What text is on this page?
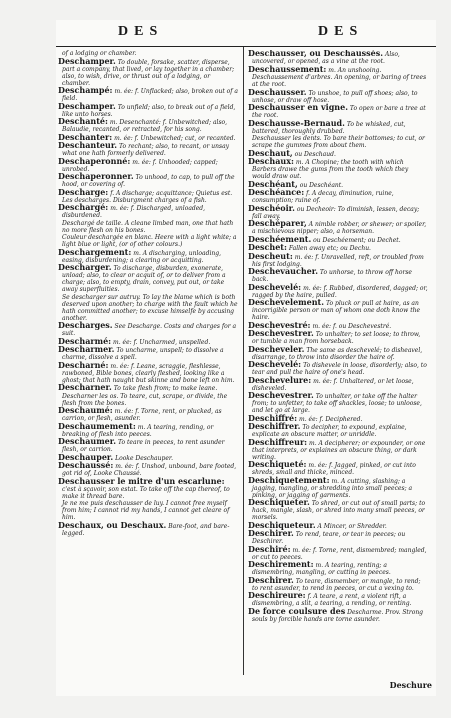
DES	DES

of a lodging or chamber.

Deschamper. To double, forsake, scatter, disperse, part a company, that lived, or lay together in a chamber; also, to wish, drive, or thrust out of a lodging, or chamber.

Deschampé: m. ée: f. Unflacked; also, broken out of a field.

Deschamper. To unfield; also, to break out of a field, like unto horses.

Deschanté: m. Desenchanté: f. Unbewitched; also, Balaudie, recanted, or retracted, for his song.

Deschanter: m. ée: f. Unbewitched; cut, or recanted.

Deschanteur. To rechant; also, to recant, or unsay what one hath formerly delivered.

Deschaperonné: m. ée: f. Unhooded; capped; unrobed.

Deschaperonner. To unhood, to cap, to pull off the hood, or covering of.

Descharge: f. A discharge; acquittance; Quietus est. Les descharges. Disburgment charges of a fish.

Deschargé: m. ée: f. Discharged, unloaded, disburdened.

Deschargé de taille. A cleane limbed man, one that hath no more flesh on his bones.

Couleur deschargée en blanc. Heere with a light white; a light blue or light, (or of other colours.)

Deschargement: m. A discharging, unloading, easing, disburdening; a clearing or acquitting.

Descharger. To discharge, disburden, exonerate, unload; also, to clear or acquit of, or to deliver from a charge; also, to empty, drain, convey, put out, or take away superfluities.

Se descharger sur autruy. To lay the blame which is both deserved upon another; to charge with the fault which he hath committed another; to excuse himselfe by accusing another.

Descharges. See Descharge. Costs and charges for a suit.

Descharmé: m. ée: f. Uncharmed, unspelled.

Descharmer. To uncharme, unspell; to dissolve a charme, dissolve a spell.

Descharné: m. ée: f. Leane, scraggie, fleshlesse, rawboned, Bible bones, clearly fleshed, looking like a ghost; that hath naught but skinne and bone left on him.

Descharner. To take flesh from; to make leane.

Descharner les os. To teare, cut, scrape, or divide, the flesh from the bones.

Deschaumé: m. ée: f. Torne, rent, or plucked, as carrion, or flesh, asunder.

Deschaumement: m. A tearing, rending, or breaking of flesh into peeces.

Deschaumer. To teare in peeces, to rent asunder flesh, or carrion.

Deschauper. Looke Deschauper.

Deschaussé: m. ée: f. Unshod, unbound, bare footed, got rid of, Looke Chaussé.

Deschausser le mitre d'un escarlune: c'est à sçavoir, son estat. To take off the cap thereof, to make it thread bare.

Je ne me puis deschausser de luy. I cannot free myself from him; I cannot rid my hands, I cannot get cleare of him.

Deschaux, ou Deschaux. Bare-foot, and bare-legged.

Deschausser, ou Deschaussés. Also, uncovered, or opened, as a vine at the root.

Deschaussement: m. An unshooing.

Deschaussement d'arbres. An opening, or baring of trees at the root.

Deschausser. To unshoe, to pull off shoes; also, to unhose, or draw off hose.

Deschausser en vigne. To open or bare a tree at the root.

Deschausse-Bernaud. To be whisked, cut, battered, thoroughly drubbed.

Deschausser les dents. To bare their bottomes; to cut, or scrape the gummes from about them.

Deschaut, ou Deschaud.

Deschaux: m. A Chopine; the tooth with which Barbers drawe the gums from the tooth which they would draw out.

Deschéant, ou Deschéant.

Deschéance: f. A decay, diminution, ruine, consumption; ruine of.

Deschéoir. ou Decheoir: To diminish, lessen, decay; fall away.

Deschéparer, A nimble robber, or shewer; or spoiler, a mischievous nipper; also, a horseman.

Deschéement. ou Deschéement; ou Dechet.

Deschet: Fallen away etc; ou Dechu.

Descheut: m. ée: f. Unravelled, reft, or troubled from his first lodging.

Deschevaucher. To unhorse, to throw off horse back.

Deschevelé: m. ée: f. Rubbed, disordered, dagged; or, ragged by the haire, pulled.

Deschevelement. To pluck or pull at haire, as an incorrigible person or man of whom one doth know the haire.

Deschevestré: m. ée: f. ou Deschevestré.

Deschevestrer. To unhalter; to set loose; to throw, or tumble a man from horseback.

Descheveler. The same as deschevelé; to disheavel, disarrange, to throw into disorder the haire of.

Deschevelé: To dishevele in loose, disorderly; also, to tear and pull the haire of one's head.

Deschevelure: m. ée: f. Unhaltered, or let loose, disheveled.

Deschevestrer. To unhalter, or take off the halter from; to unfetter, to take off shackles, loose; to unloose, and let go at large.

Deschiffré: m. ée: f. Deciphered.

Deschiffrer. To decipher, to expound, explaine, explicate an obscure matter, or unriddle.

Deschiffreur: m. A decipherer; or expounder, or one that interprets, or explaines an obscure thing, or dark writing.

Deschiqueté: m. ée: f. Jagged, pinked, or cut into shreds, small and thicke, minced.

Deschiquetement: m. A cutting, slashing; a jagging, mangling, or shredding into small peeces; a pinking, or jagging of garments.

Deschiqueter. To shred, or cut out of small parts; to hack, mangle, slash, or shred into many small peeces, or morsels.

Deschiqueteur. A Mincer, or Shredder.

Deschirer. To rend, teare, or tear in peeces; ou Deschirer.

Deschiré: m. ée: f. Torne, rent, dismembred; mangled, or cut to peeces.

Deschirement: m. A tearing, renting; a dismembring, mangling, or cutting in peeces.

Deschirer. To teare, dismember, or mangle, to rend; to rent asunder, to rend in peeces, or cut a vexing to.

Deschireure: f. A teare, a rent, a violent rift, a dismembring, a slit, a tearing, a rending, or renting.

De force coulsure des Descharme. Prov. Strong souls by forcible hands are torne asunder.

Deschure
